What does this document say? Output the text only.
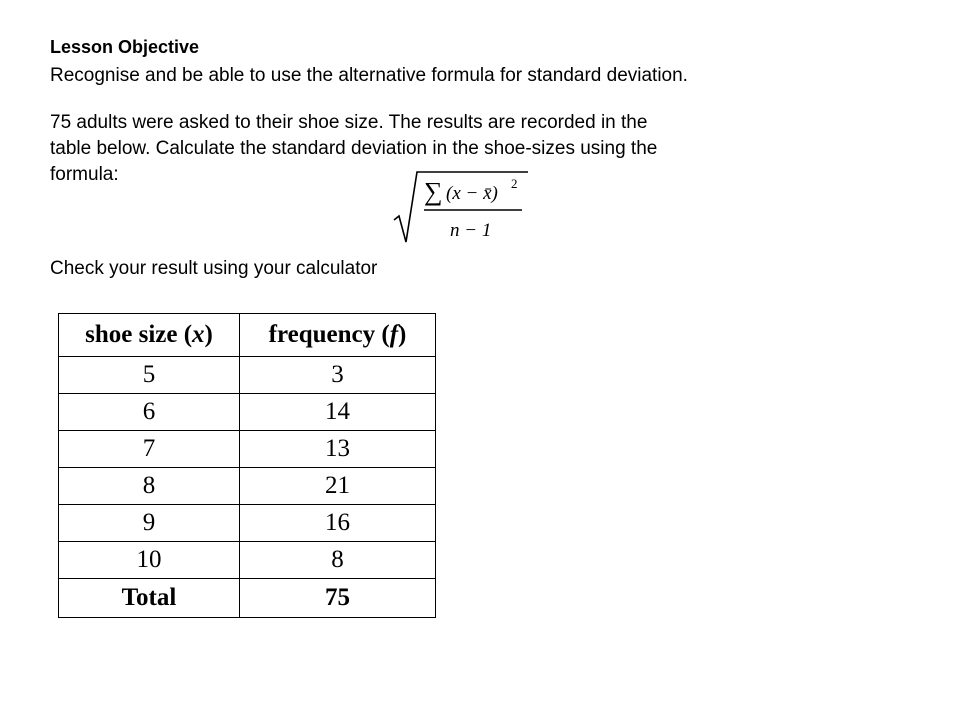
Lesson Objective
Recognise and be able to use the alternative formula for standard deviation.
75 adults were asked to their shoe size. The results are recorded in the
table below. Calculate the standard deviation in the shoe-sizes using the
formula:
∑ (x − x̄) 2
n − 1
Check your result using your calculator
shoe size (x)	frequency (f)
5	3
6	14
7	13
8	21
9	16
10	8
Total	75
